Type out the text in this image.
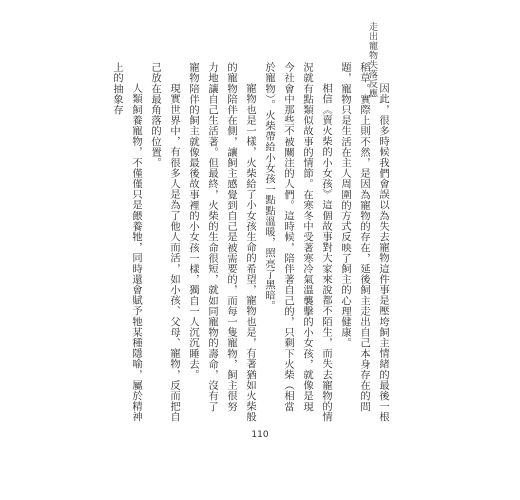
走出寵物失落反應

因此，很多時候我們會誤以為失去寵物這件事是壓垮飼主情緒的最後一根稻草。實際上則不然，是因為寵物的存在，延後飼主走出自己本身存在的問題，寵物只是生活在主人周圍的方式反映了飼主的心理健康。

相信《賣火柴的小女孩》這個故事對大家來說都不陌生，而失去寵物的情況就有點類似故事的情節。在寒冬中受著寒冷氣溫襲擊的小女孩，就像是現今社會中那些不被關注的人們。這時候，陪伴著自己的，只剩下火柴（相當於寵物）。火柴帶給小女孩一點點溫暖，照亮了黑暗。

寵物也是一樣，火柴給了小女孩生命的希望，寵物也是，有著猶如火柴般的寵物陪伴在側，讓飼主感覺到自己是被需要的，而每一隻寵物，飼主很努力地讓自己生活著。但最終，火柴的生命很短，就如同寵物的壽命，沒有了寵物陪伴的飼主就像最後故事裡的小女孩一樣，獨自一人沉沉睡去。

現實世界中，有很多人是為了他人而活，如小孩、父母、寵物，反而把自己放在最角落的位置。

人類飼養寵物，不僅僅只是餵養牠，同時還會賦予牠某種隱喻，屬於精神上的抽象存

110
